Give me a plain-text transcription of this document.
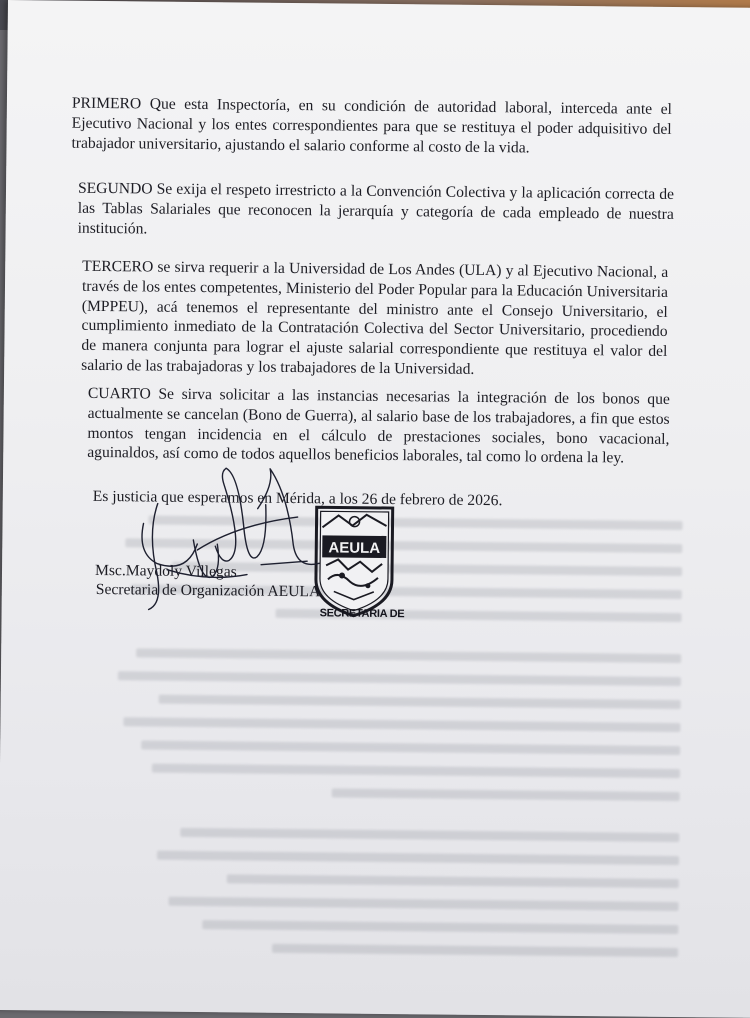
PRIMERO Que esta Inspectoría, en su condición de autoridad laboral, interceda ante el Ejecutivo Nacional y los entes correspondientes para que se restituya el poder adquisitivo del trabajador universitario, ajustando el salario conforme al costo de la vida.

SEGUNDO Se exija el respeto irrestricto a la Convención Colectiva y la aplicación correcta de las Tablas Salariales que reconocen la jerarquía y categoría de cada empleado de nuestra institución.

TERCERO se sirva requerir a la Universidad de Los Andes (ULA) y al Ejecutivo Nacional, a través de los entes competentes, Ministerio del Poder Popular para la Educación Universitaria (MPPEU), acá tenemos el representante del ministro ante el Consejo Universitario, el cumplimiento inmediato de la Contratación Colectiva del Sector Universitario, procediendo de manera conjunta para lograr el ajuste salarial correspondiente que restituya el valor del salario de las trabajadoras y los trabajadores de la Universidad.

CUARTO Se sirva solicitar a las instancias necesarias la integración de los bonos que actualmente se cancelan (Bono de Guerra), al salario base de los trabajadores, a fin que estos montos tengan incidencia en el cálculo de prestaciones sociales, bono vacacional, aguinaldos, así como de todos aquellos beneficios laborales, tal como lo ordena la ley.

Es justicia que esperamos en Mérida, a los 26 de febrero de 2026.

Msc.Maydoly Villegas

Secretaria de Organización AEULA

AEULA
SECRETARIA DE
